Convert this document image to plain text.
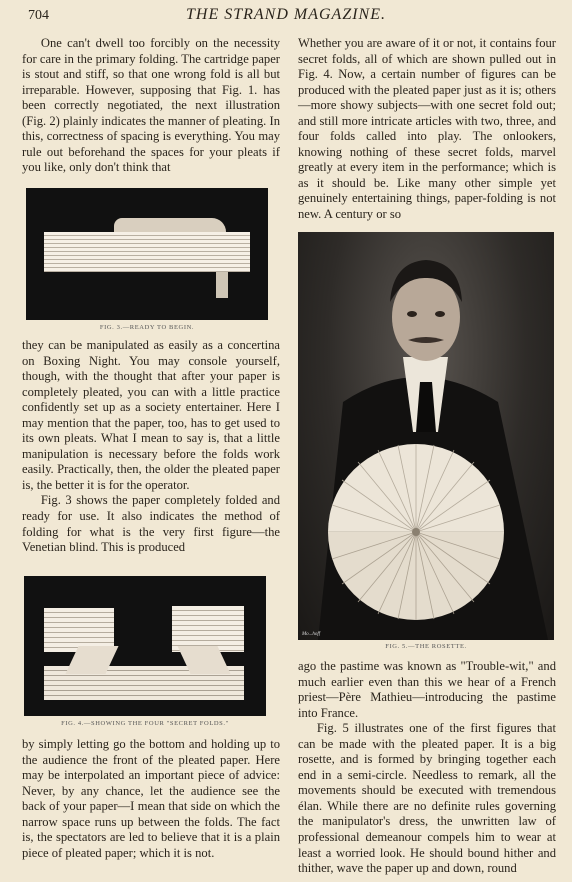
704	THE STRAND MAGAZINE.

One can't dwell too forcibly on the necessity for care in the primary folding. The cartridge paper is stout and stiff, so that one wrong fold is all but irreparable. However, supposing that Fig. 1. has been correctly negotiated, the next illustration (Fig. 2) plainly indicates the manner of pleating. In this, correctness of spacing is everything. You may rule out beforehand the spaces for your pleats if you like, only don't think that

FIG. 3.—READY TO BEGIN.

they can be manipulated as easily as a concertina on Boxing Night. You may console yourself, though, with the thought that after your paper is completely pleated, you can with a little practice confidently set up as a society entertainer. Here I may mention that the paper, too, has to get used to its own pleats. What I mean to say is, that a little manipulation is necessary before the folds work easily. Practically, then, the older the pleated paper is, the better it is for the operator.

Fig. 3 shows the paper completely folded and ready for use. It also indicates the method of folding for what is the very first figure—the Venetian blind. This is produced

FIG. 4.—SHOWING THE FOUR "SECRET FOLDS."

by simply letting go the bottom and holding up to the audience the front of the pleated paper. Here may be interpolated an important piece of advice: Never, by any chance, let the audience see the back of your paper—I mean that side on which the narrow space runs up between the folds. The fact is, the spectators are led to believe that it is a plain piece of pleated paper; which it is not.

Whether you are aware of it or not, it contains four secret folds, all of which are shown pulled out in Fig. 4. Now, a certain number of figures can be produced with the pleated paper just as it is; others—more showy subjects—with one secret fold out; and still more intricate articles with two, three, and four folds called into play. The onlookers, knowing nothing of these secret folds, marvel greatly at every item in the performance; which is as it should be. Like many other simple yet genuinely entertaining things, paper-folding is not new. A century or so

Mo...hoff
FIG. 5.—THE ROSETTE.

ago the pastime was known as "Trouble-wit," and much earlier even than this we hear of a French priest—Père Mathieu—introducing the pastime into France.

Fig. 5 illustrates one of the first figures that can be made with the pleated paper. It is a big rosette, and is formed by bringing together each end in a semi-circle. Needless to remark, all the movements should be executed with tremendous élan. While there are no definite rules governing the manipulator's dress, the unwritten law of professional demeanour compels him to wear at least a worried look. He should bound hither and thither, wave the paper up and down, round
